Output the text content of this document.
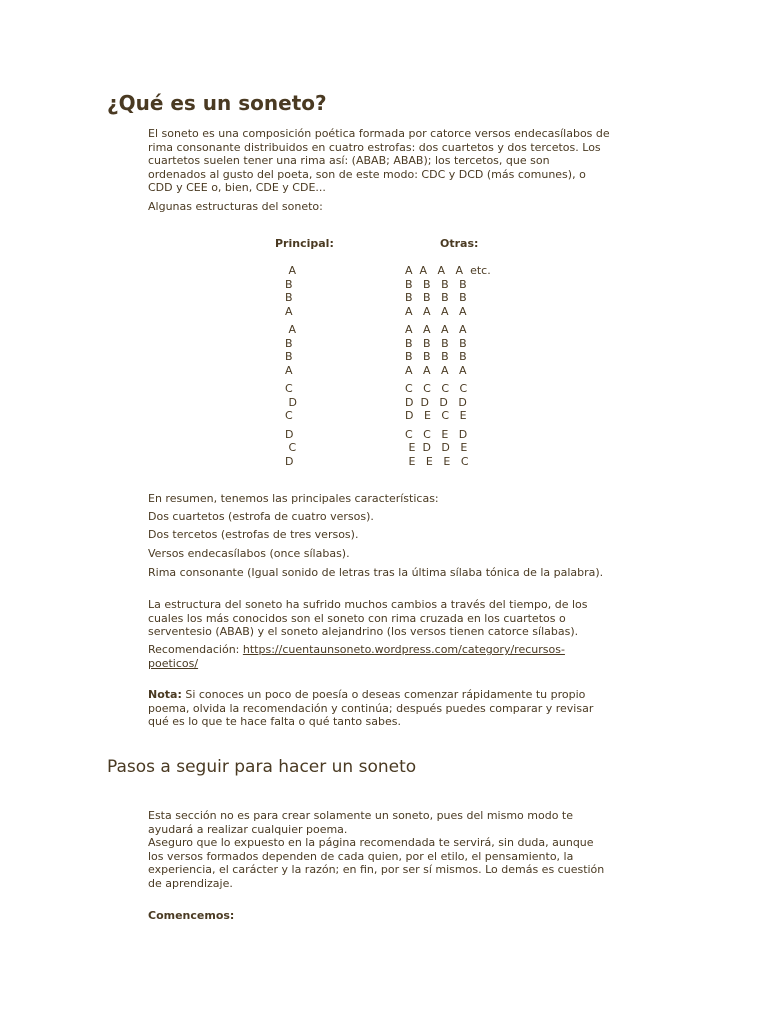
¿Qué es un soneto?

El soneto es una composición poética formada por catorce versos endecasílabos de rima consonante distribuidos en cuatro estrofas: dos cuartetos y dos tercetos. Los cuartetos suelen tener una rima así: (ABAB; ABAB); los tercetos, que son ordenados al gusto del poeta, son de este modo: CDC y DCD (más comunes), o CDD y CEE o, bien, CDE y CDE...

Algunas estructuras del soneto:

Principal:	Otras:
A
B
B
A
A
B
B
A
C
D
C
D
C
D
A  A   A   A  etc.
B   B   B   B
B   B   B   B
A   A   A   A
A   A   A   A
B   B   B   B
B   B   B   B
A   A   A   A
C   C   C   C
D  D   D   D
D   E   C   E
C   C   E   D
E  D   D   E
E   E   E   C

En resumen, tenemos las principales características:

Dos cuartetos (estrofa de cuatro versos).

Dos tercetos (estrofas de tres versos).

Versos endecasílabos (once sílabas).

Rima consonante (Igual sonido de letras tras la última sílaba tónica de la palabra).

La estructura del soneto ha sufrido muchos cambios a través del tiempo, de los cuales los más conocidos son el soneto con rima cruzada en los cuartetos o serventesio (ABAB) y el soneto alejandrino (los versos tienen catorce sílabas).

Recomendación: https://cuentaunsoneto.wordpress.com/category/recursos-poeticos/

Nota: Si conoces un poco de poesía o deseas comenzar rápidamente tu propio poema, olvida la recomendación y continúa; después puedes comparar y revisar qué es lo que te hace falta o qué tanto sabes.

Pasos a seguir para hacer un soneto

Esta sección no es para crear solamente un soneto, pues del mismo modo te ayudará a realizar cualquier poema.

Aseguro que lo expuesto en la página recomendada te servirá, sin duda, aunque los versos formados dependen de cada quien, por el etilo, el pensamiento, la experiencia, el carácter y la razón; en fin, por ser sí mismos. Lo demás es cuestión de aprendizaje.

Comencemos:
